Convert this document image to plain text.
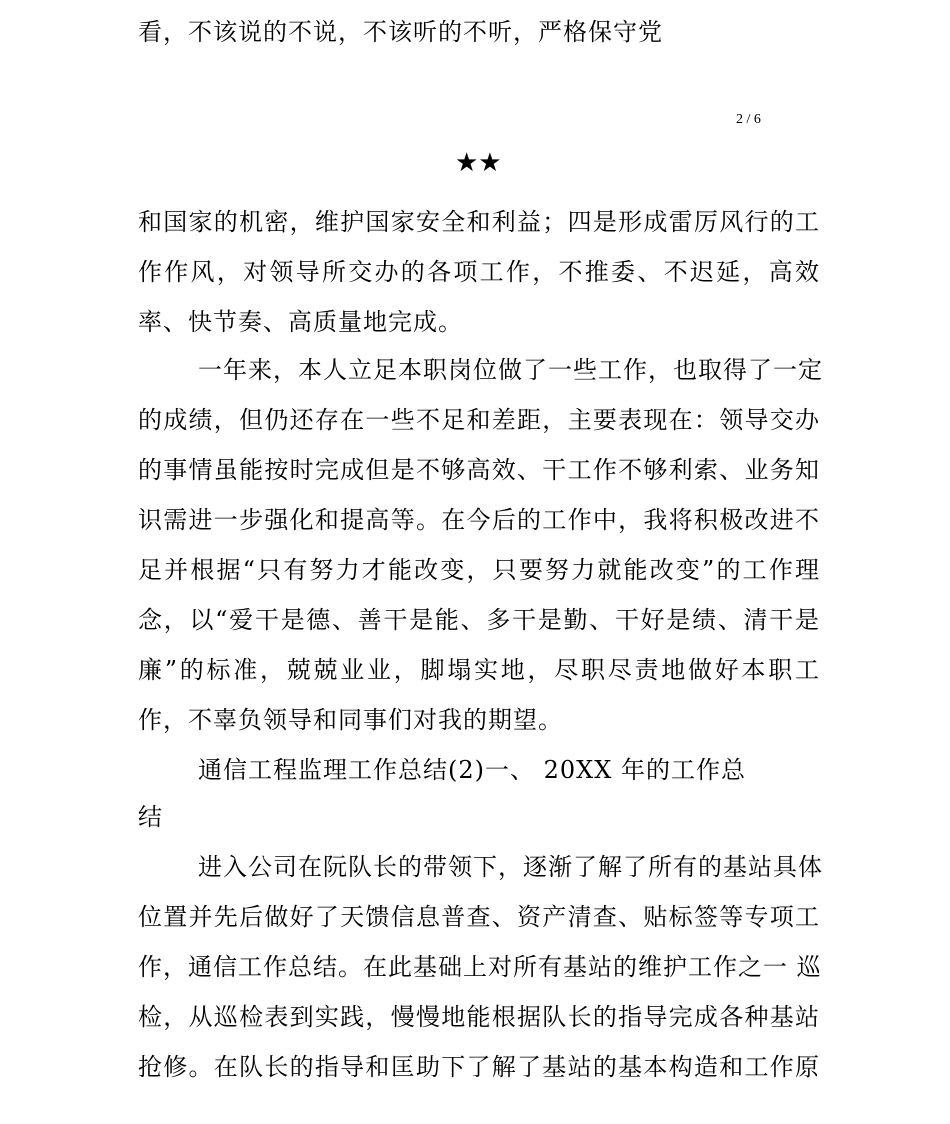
看，不该说的不说，不该听的不听，严格保守党
2 / 6
★★
和国家的机密，维护国家安全和利益；四是形成雷厉风行的工
作作风，对领导所交办的各项工作，不推委、不迟延，高效
率、快节奏、高质量地完成。
一年来，本人立足本职岗位做了一些工作，也取得了一定
的成绩，但仍还存在一些不足和差距，主要表现在：领导交办
的事情虽能按时完成但是不够高效、干工作不够利索、业务知
识需进一步强化和提高等。在今后的工作中，我将积极改进不
足并根据“只有努力才能改变，只要努力就能改变”的工作理
念，以“爱干是德、善干是能、多干是勤、干好是绩、清干是
廉”的标准，兢兢业业，脚塌实地，尽职尽责地做好本职工
作，不辜负领导和同事们对我的期望。
通信工程监理工作总结(2)一、 20XX 年的工作总
结
进入公司在阮队长的带领下，逐渐了解了所有的基站具体
位置并先后做好了天馈信息普查、资产清查、贴标签等专项工
作，通信工作总结。在此基础上对所有基站的维护工作之一 巡
检，从巡检表到实践，慢慢地能根据队长的指导完成各种基站
抢修。在队长的指导和匡助下了解了基站的基本构造和工作原
